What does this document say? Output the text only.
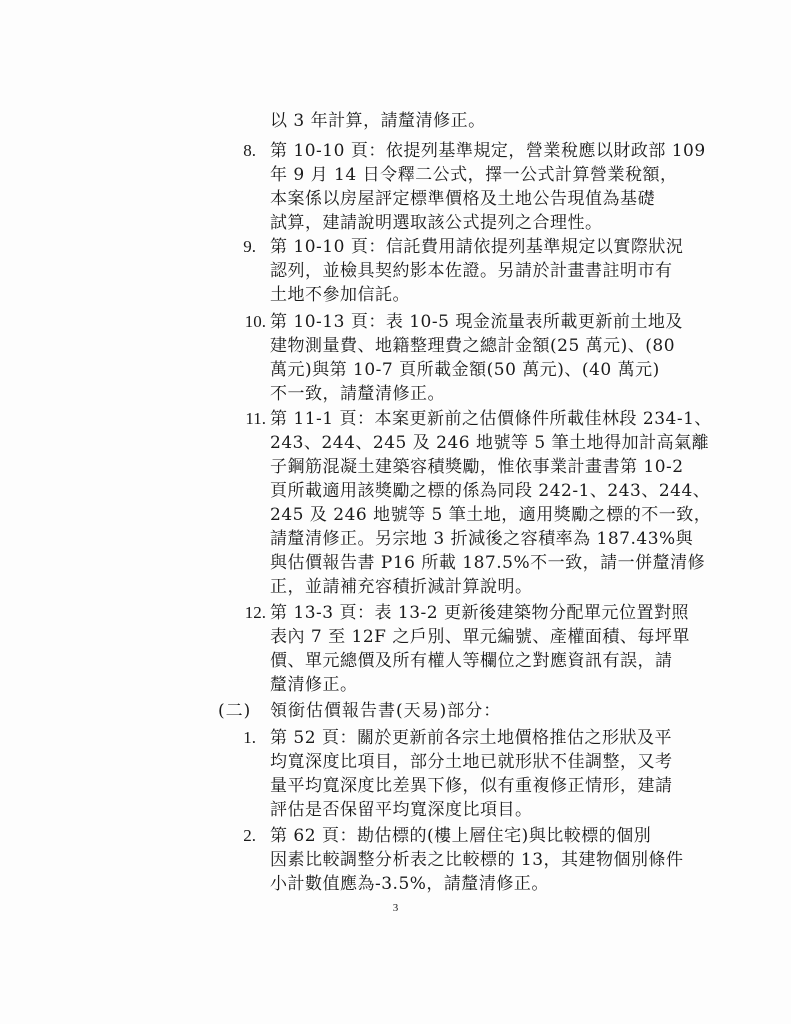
以 3 年計算，請釐清修正。
8. 第 10-10 頁：依提列基準規定，營業稅應以財政部 109
年 9 月 14 日令釋二公式，擇一公式計算營業稅額，
本案係以房屋評定標準價格及土地公告現值為基礎
試算，建請說明選取該公式提列之合理性。
9. 第 10-10 頁：信託費用請依提列基準規定以實際狀況
認列，並檢具契約影本佐證。另請於計畫書註明市有
土地不參加信託。
10. 第 10-13 頁：表 10-5 現金流量表所載更新前土地及
建物測量費、地籍整理費之總計金額(25 萬元)、(80
萬元)與第 10-7 頁所載金額(50 萬元)、(40 萬元)
不一致，請釐清修正。
11. 第 11-1 頁：本案更新前之估價條件所載佳林段 234-1、
243、244、245 及 246 地號等 5 筆土地得加計高氣離
子鋼筋混凝土建築容積獎勵，惟依事業計畫書第 10-2
頁所載適用該獎勵之標的係為同段 242-1、243、244、
245 及 246 地號等 5 筆土地，適用獎勵之標的不一致，
請釐清修正。另宗地 3 折減後之容積率為 187.43%與
與估價報告書 P16 所載 187.5%不一致，請一併釐清修
正，並請補充容積折減計算說明。
12. 第 13-3 頁：表 13-2 更新後建築物分配單元位置對照
表內 7 至 12F 之戶別、單元編號、產權面積、每坪單
價、單元總價及所有權人等欄位之對應資訊有誤，請
釐清修正。
(二) 領銜估價報告書(天易)部分：
1. 第 52 頁：關於更新前各宗土地價格推估之形狀及平
均寬深度比項目，部分土地已就形狀不佳調整，又考
量平均寬深度比差異下修，似有重複修正情形，建請
評估是否保留平均寬深度比項目。
2. 第 62 頁：勘估標的(樓上層住宅)與比較標的個別
因素比較調整分析表之比較標的 13，其建物個別條件
小計數值應為-3.5%，請釐清修正。
3
